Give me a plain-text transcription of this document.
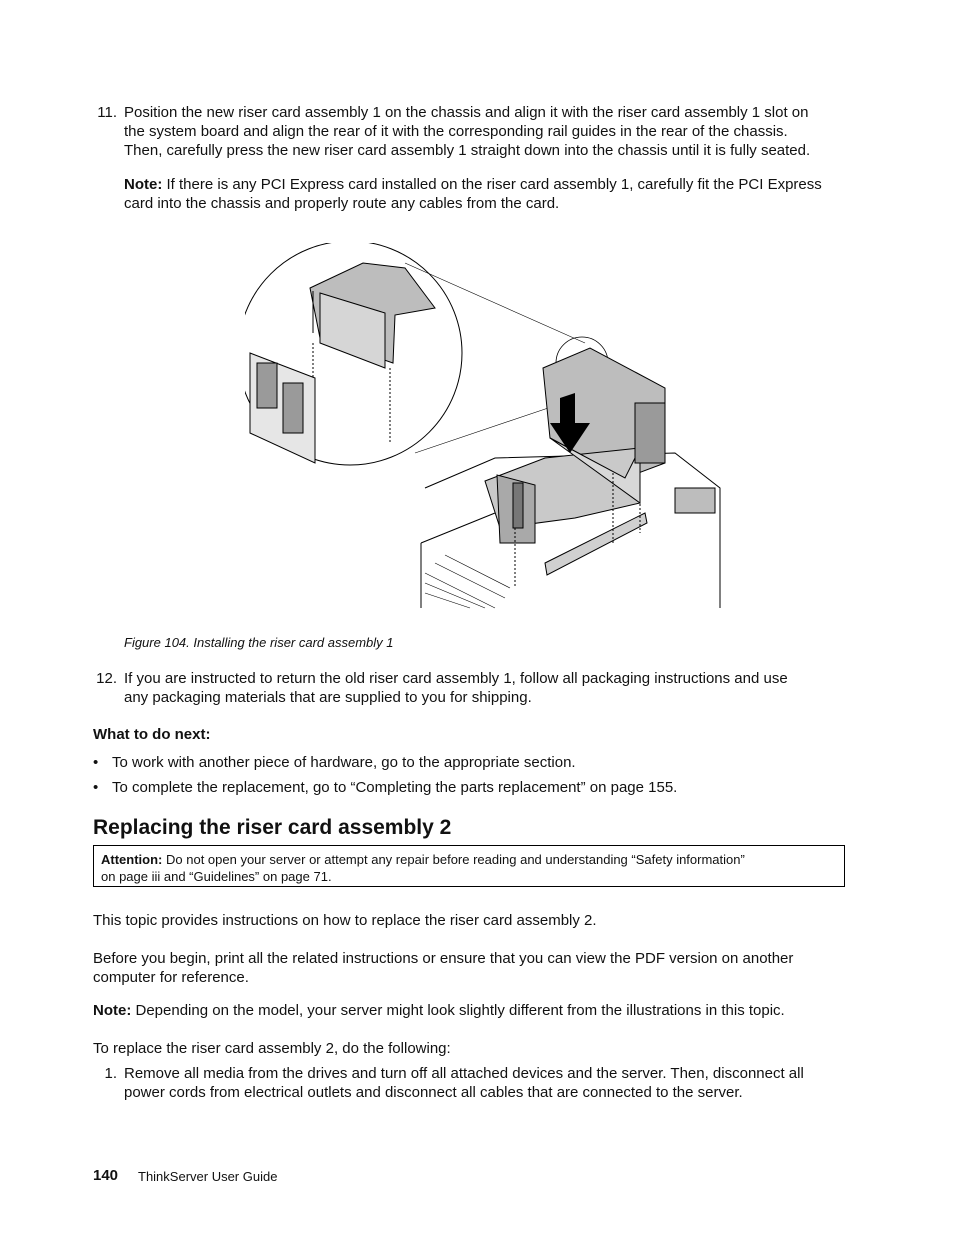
11. Position the new riser card assembly 1 on the chassis and align it with the riser card assembly 1 slot on
the system board and align the rear of it with the corresponding rail guides in the rear of the chassis.
Then, carefully press the new riser card assembly 1 straight down into the chassis until it is fully seated.
Note: If there is any PCI Express card installed on the riser card assembly 1, carefully fit the PCI Express
card into the chassis and properly route any cables from the card.
Figure 104. Installing the riser card assembly 1
12. If you are instructed to return the old riser card assembly 1, follow all packaging instructions and use
any packaging materials that are supplied to you for shipping.
What to do next:
• To work with another piece of hardware, go to the appropriate section.
• To complete the replacement, go to “Completing the parts replacement” on page 155.
Replacing the riser card assembly 2
Attention: Do not open your server or attempt any repair before reading and understanding “Safety information”
on page iii and “Guidelines” on page 71.
This topic provides instructions on how to replace the riser card assembly 2.
Before you begin, print all the related instructions or ensure that you can view the PDF version on another
computer for reference.
Note: Depending on the model, your server might look slightly different from the illustrations in this topic.
To replace the riser card assembly 2, do the following:
1. Remove all media from the drives and turn off all attached devices and the server. Then, disconnect all
power cords from electrical outlets and disconnect all cables that are connected to the server.
140 ThinkServer User Guide
